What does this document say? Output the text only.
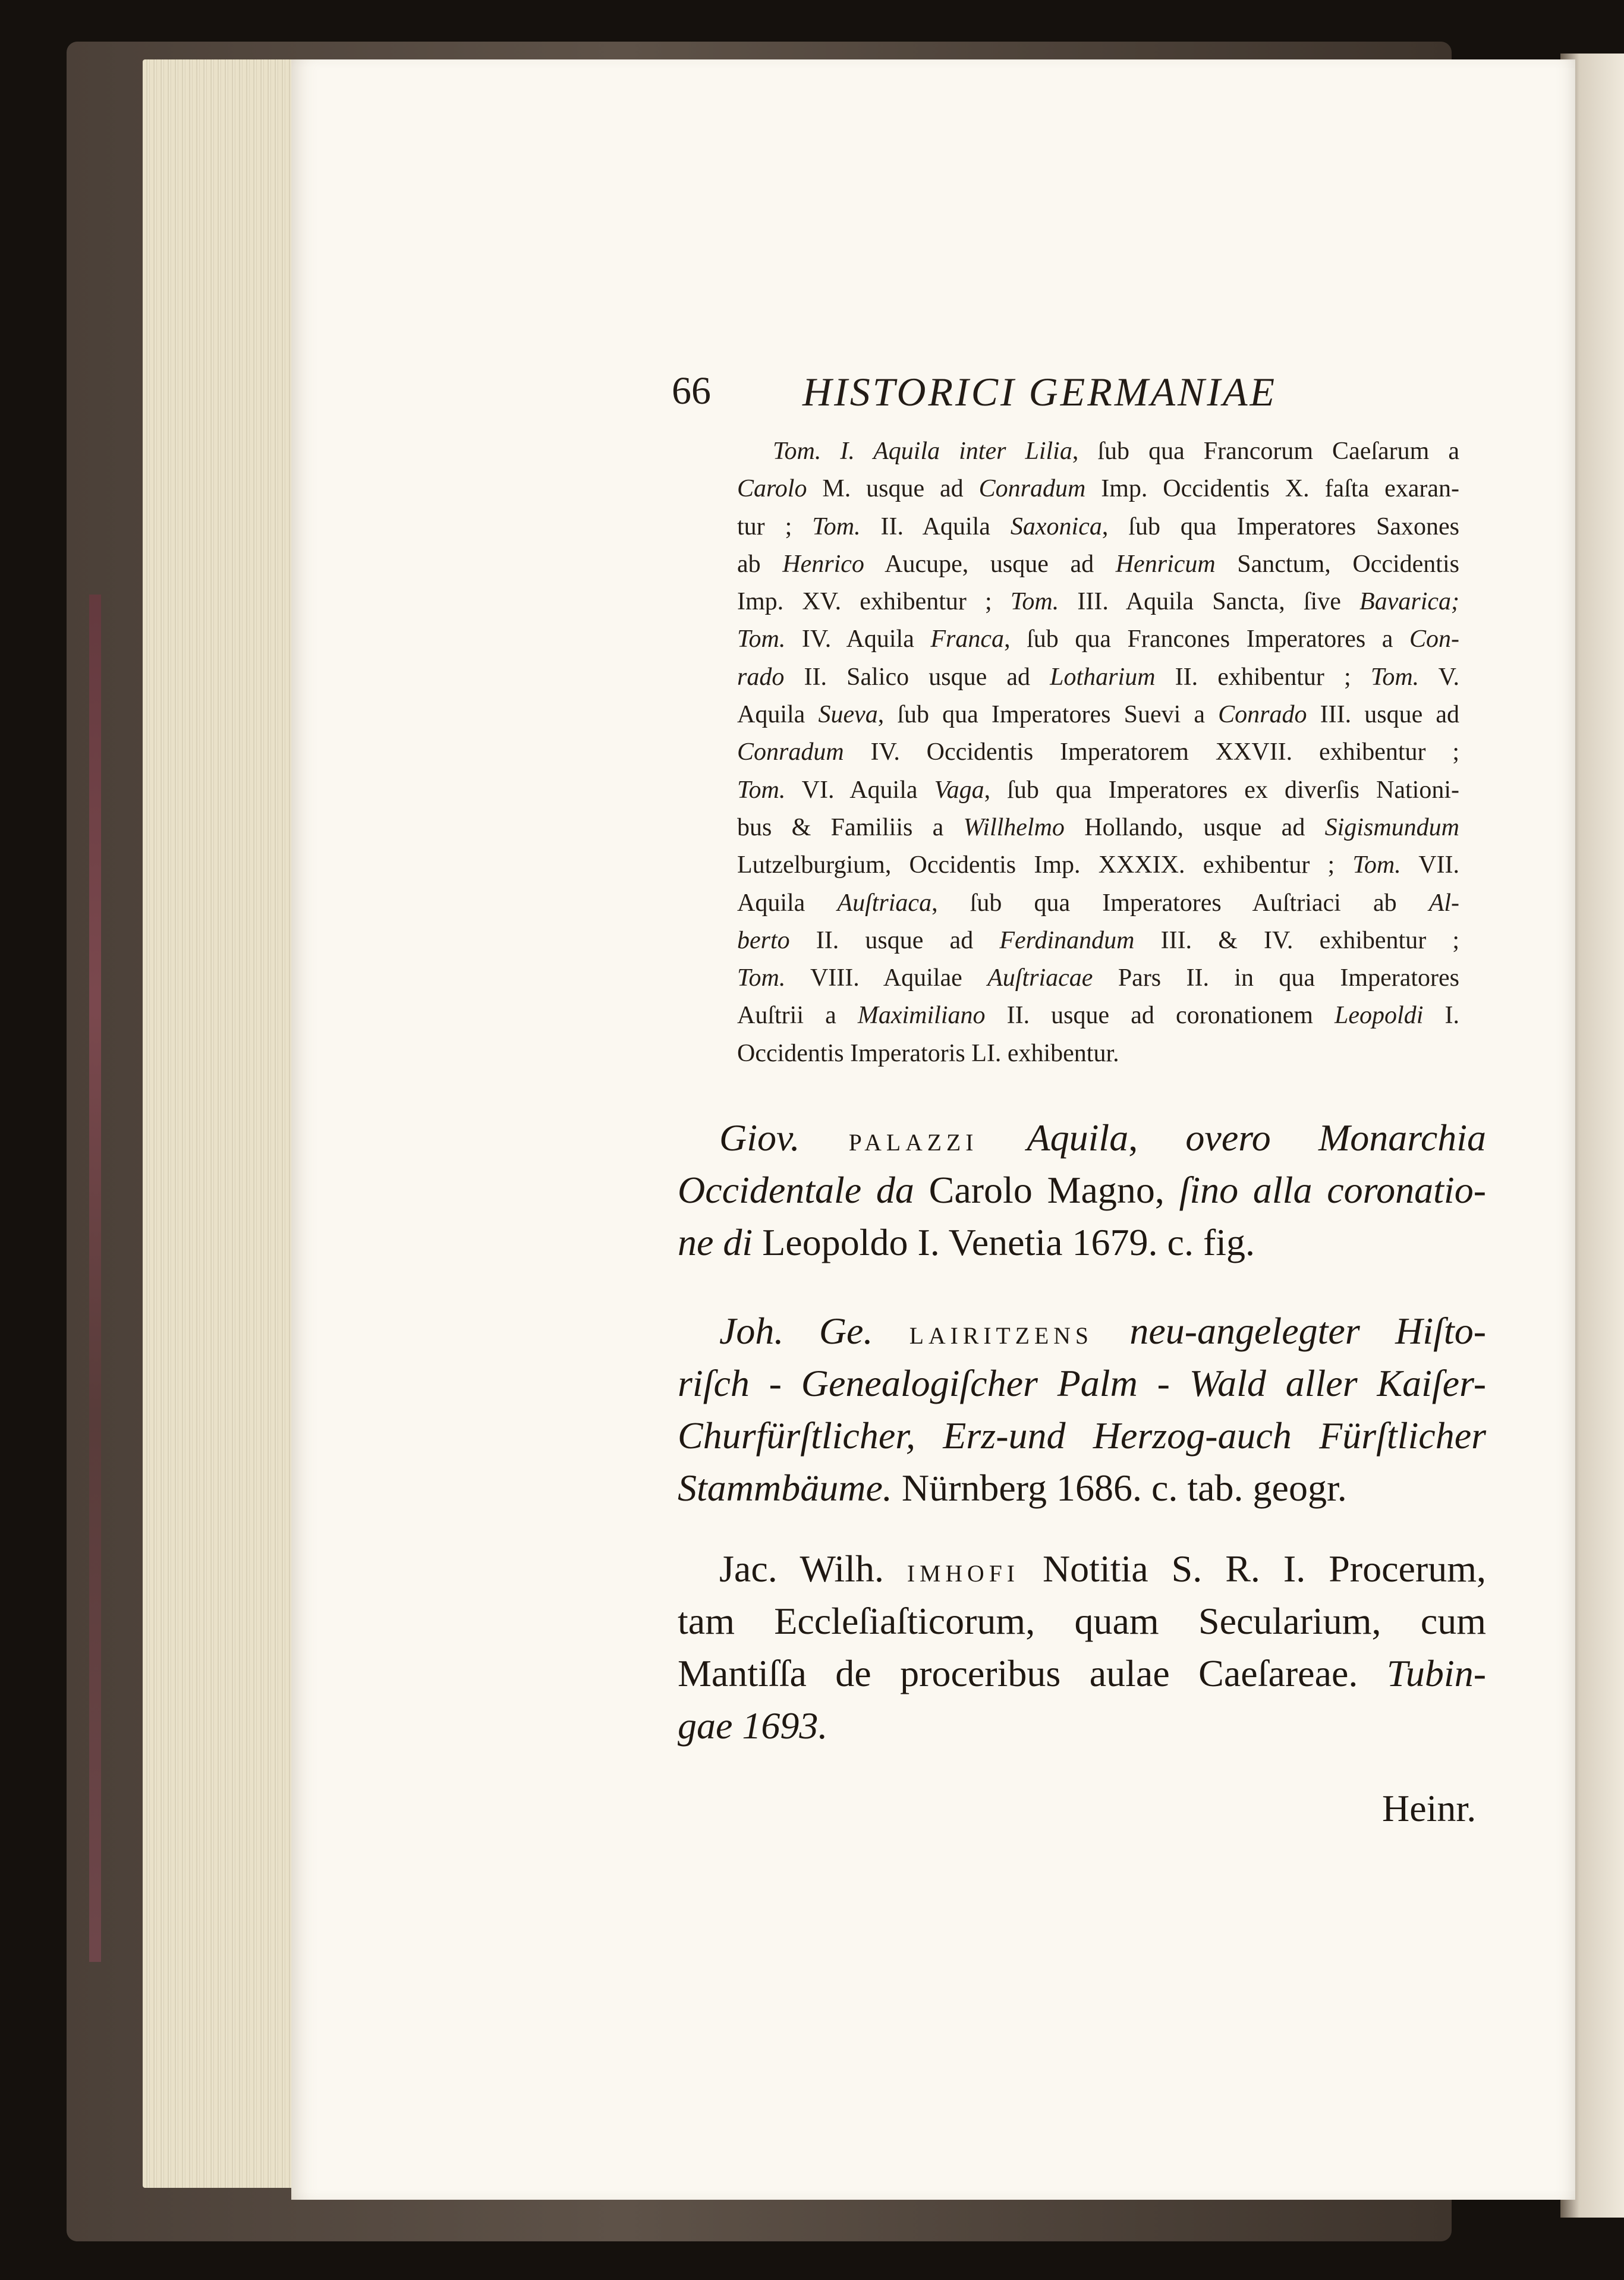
66 HISTORICI GERMANIAE
Tom. I. Aquila inter Lilia, ſub qua Francorum Caeſarum a
Carolo M. usque ad Conradum Imp. Occidentis X. faſta exaran-
tur ; Tom. II. Aquila Saxonica, ſub qua Imperatores Saxones
ab Henrico Aucupe, usque ad Henricum Sanctum, Occidentis
Imp. XV. exhibentur ; Tom. III. Aquila Sancta, ſive Bavarica;
Tom. IV. Aquila Franca, ſub qua Francones Imperatores a Con-
rado II. Salico usque ad Lotharium II. exhibentur ; Tom. V.
Aquila Sueva, ſub qua Imperatores Suevi a Conrado III. usque ad
Conradum IV. Occidentis Imperatorem XXVII. exhibentur ;
Tom. VI. Aquila Vaga, ſub qua Imperatores ex diverſis Nationi-
bus & Familiis a Willhelmo Hollando, usque ad Sigismundum
Lutzelburgium, Occidentis Imp. XXXIX. exhibentur ; Tom. VII.
Aquila Auſtriaca, ſub qua Imperatores Auſtriaci ab Al-
berto II. usque ad Ferdinandum III. & IV. exhibentur ;
Tom. VIII. Aquilae Auſtriacae Pars II. in qua Imperatores
Auſtrii a Maximiliano II. usque ad coronationem Leopoldi I.
Occidentis Imperatoris LI. exhibentur.
Giov. PALAZZI Aquila, overo Monarchia
Occidentale da Carolo Magno, ſino alla coronatio-
ne di Leopoldo I. Venetia 1679. c. fig.
Joh. Ge. LAIRITZENS neu-angelegter Hiſto-
riſch - Genealogiſcher Palm - Wald aller Kaiſer-
Churfürſtlicher, Erz-und Herzog-auch Fürſtlicher
Stammbäume. Nürnberg 1686. c. tab. geogr.
Jac. Wilh. IMHOFI Notitia S. R. I. Procerum,
tam Eccleſiaſticorum, quam Secularium, cum
Mantiſſa de proceribus aulae Caeſareae. Tubin-
gae 1693.
Heinr.
